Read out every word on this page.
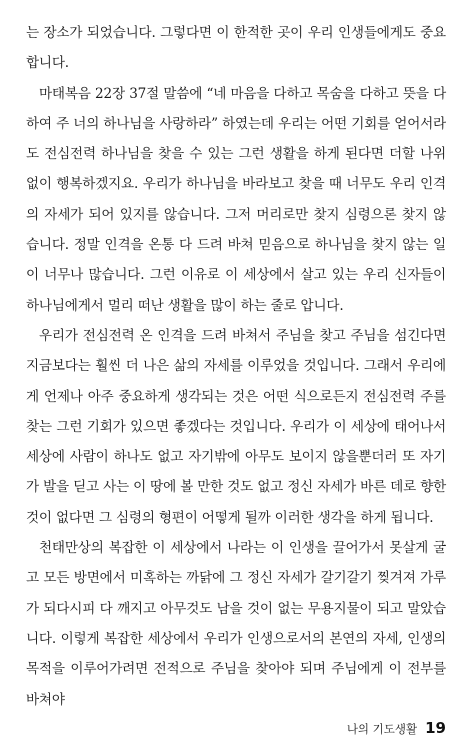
는 장소가 되었습니다. 그렇다면 이 한적한 곳이 우리 인생들에게도 중요합니다.

마태복음 22장 37절 말씀에 “네 마음을 다하고 목숨을 다하고 뜻을 다하여 주 너의 하나님을 사랑하라” 하였는데 우리는 어떤 기회를 얻어서라도 전심전력 하나님을 찾을 수 있는 그런 생활을 하게 된다면 더할 나위 없이 행복하겠지요. 우리가 하나님을 바라보고 찾을 때 너무도 우리 인격의 자세가 되어 있지를 않습니다. 그저 머리로만 찾지 심령으론 찾지 않습니다. 정말 인격을 온통 다 드려 바쳐 믿음으로 하나님을 찾지 않는 일이 너무나 많습니다. 그런 이유로 이 세상에서 살고 있는 우리 신자들이 하나님에게서 멀리 떠난 생활을 많이 하는 줄로 압니다.

우리가 전심전력 온 인격을 드려 바쳐서 주님을 찾고 주님을 섬긴다면 지금보다는 훨씬 더 나은 삶의 자세를 이루었을 것입니다. 그래서 우리에게 언제나 아주 중요하게 생각되는 것은 어떤 식으로든지 전심전력 주를 찾는 그런 기회가 있으면 좋겠다는 것입니다. 우리가 이 세상에 태어나서 세상에 사람이 하나도 없고 자기밖에 아무도 보이지 않을뿐더러 또 자기가 발을 딛고 사는 이 땅에 볼 만한 것도 없고 정신 자세가 바른 데로 향한 것이 없다면 그 심령의 형편이 어떻게 될까 이러한 생각을 하게 됩니다.

천태만상의 복잡한 이 세상에서 나라는 이 인생을 끌어가서 못살게 굴고 모든 방면에서 미혹하는 까닭에 그 정신 자세가 갈기갈기 찢겨져 가루가 되다시피 다 깨지고 아무것도 남을 것이 없는 무용지물이 되고 말았습니다. 이렇게 복잡한 세상에서 우리가 인생으로서의 본연의 자세, 인생의 목적을 이루어가려면 전적으로 주님을 찾아야 되며 주님에게 이 전부를 바쳐야

나의 기도생활 19
